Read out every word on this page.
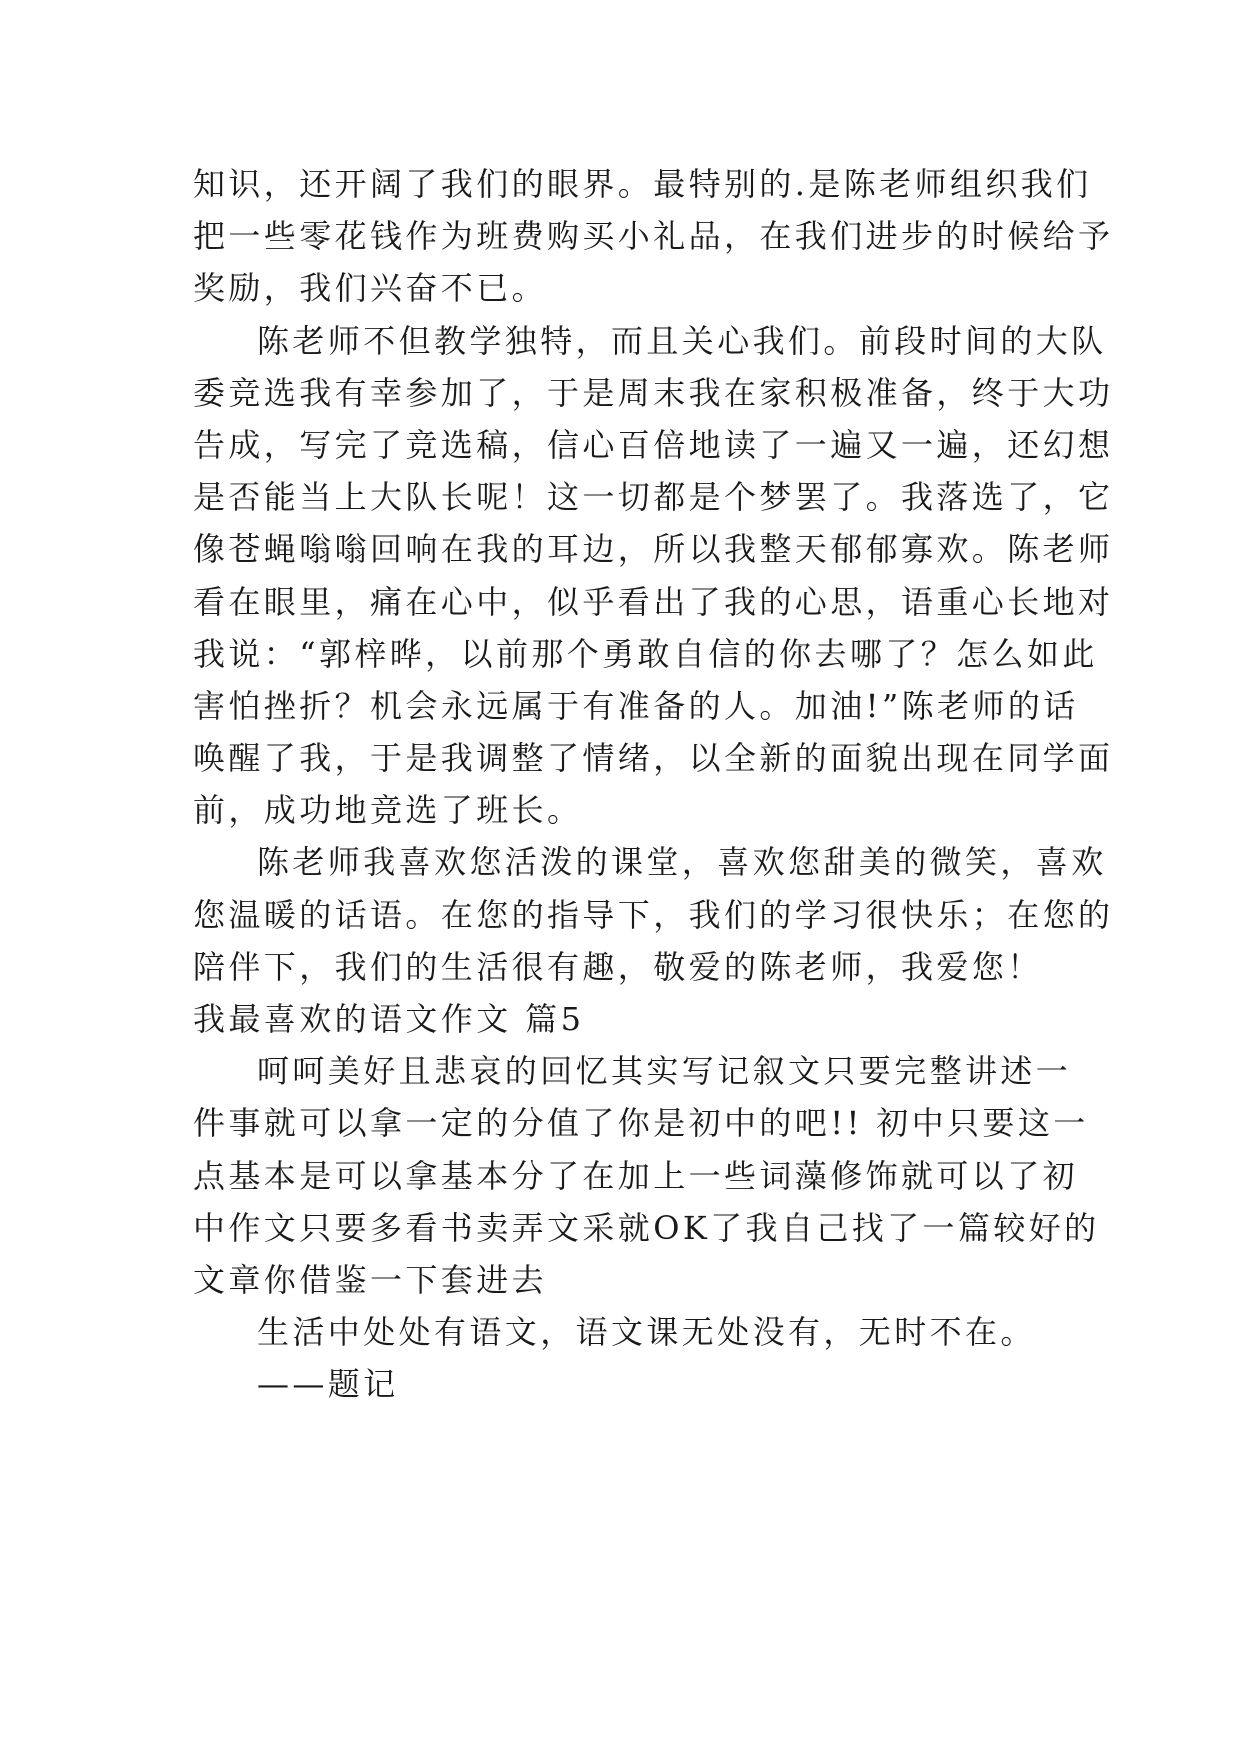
知识，还开阔了我们的眼界。最特别的.是陈老师组织我们
把一些零花钱作为班费购买小礼品，在我们进步的时候给予
奖励，我们兴奋不已。
陈老师不但教学独特，而且关心我们。前段时间的大队
委竞选我有幸参加了，于是周末我在家积极准备，终于大功
告成，写完了竞选稿，信心百倍地读了一遍又一遍，还幻想
是否能当上大队长呢！这一切都是个梦罢了。我落选了，它
像苍蝇嗡嗡回响在我的耳边，所以我整天郁郁寡欢。陈老师
看在眼里，痛在心中，似乎看出了我的心思，语重心长地对
我说：“郭梓晔，以前那个勇敢自信的你去哪了？怎么如此
害怕挫折？机会永远属于有准备的人。加油!”陈老师的话
唤醒了我，于是我调整了情绪，以全新的面貌出现在同学面
前，成功地竞选了班长。
陈老师我喜欢您活泼的课堂，喜欢您甜美的微笑，喜欢
您温暖的话语。在您的指导下，我们的学习很快乐；在您的
陪伴下，我们的生活很有趣，敬爱的陈老师，我爱您！
我最喜欢的语文作文 篇5
呵呵美好且悲哀的回忆其实写记叙文只要完整讲述一
件事就可以拿一定的分值了你是初中的吧!! 初中只要这一
点基本是可以拿基本分了在加上一些词藻修饰就可以了初
中作文只要多看书卖弄文采就OK了我自己找了一篇较好的
文章你借鉴一下套进去
生活中处处有语文，语文课无处没有，无时不在。
——题记
